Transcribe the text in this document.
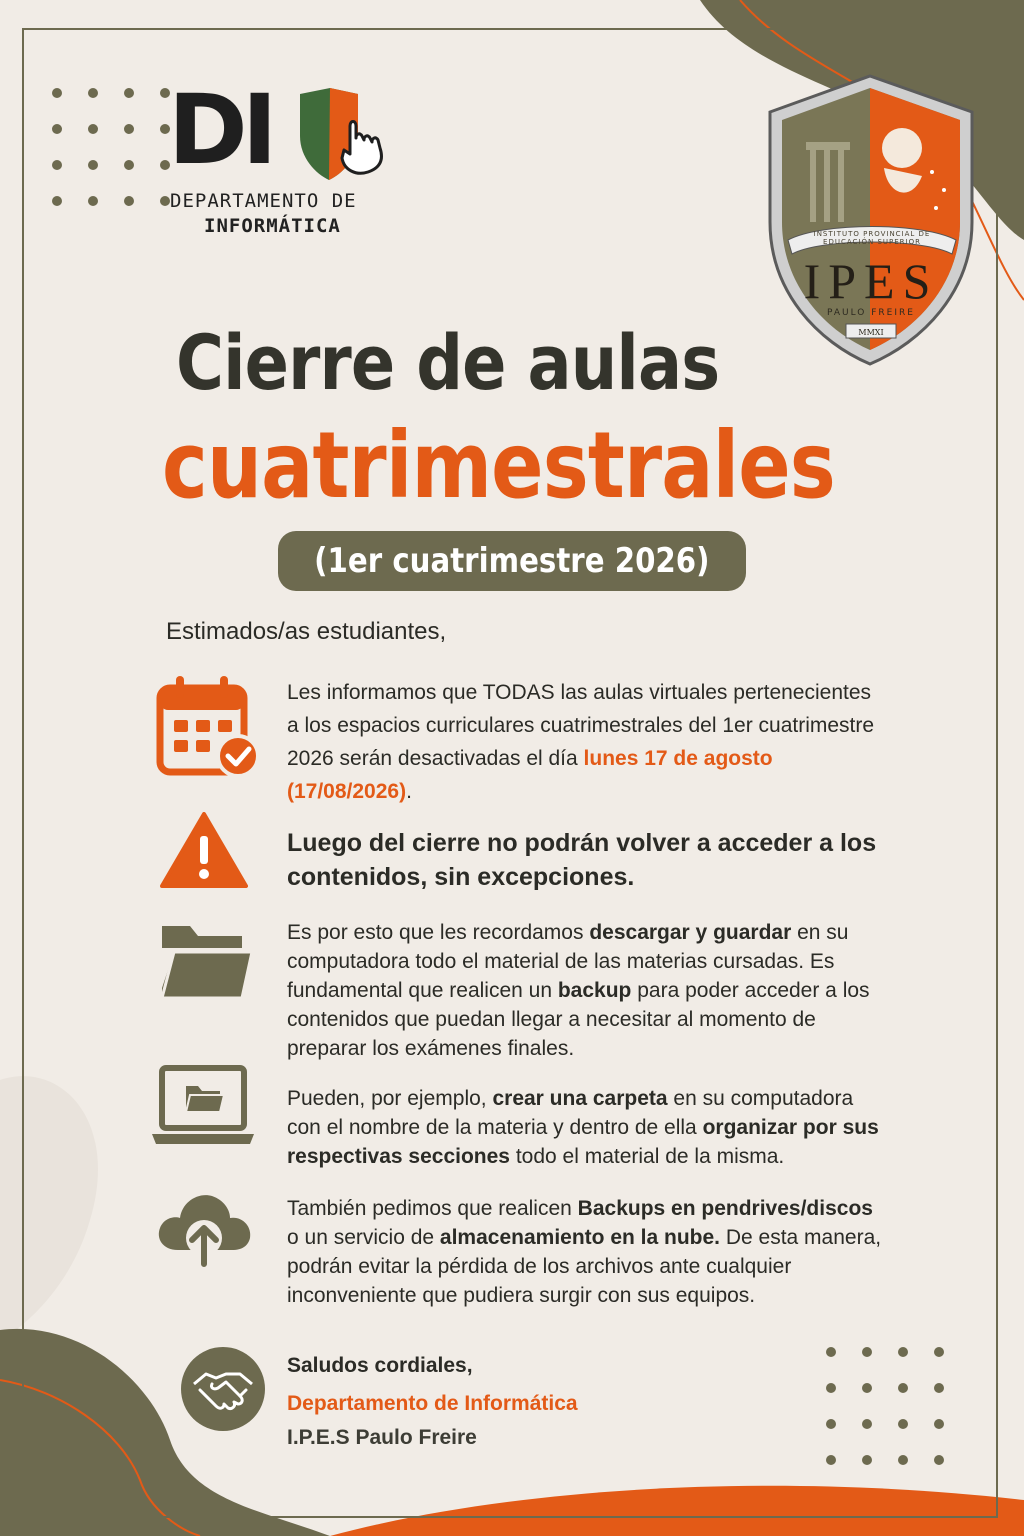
DI
DEPARTAMENTO DE
INFORMÁTICA	INSTITUTO PROVINCIAL DE EDUCACIÓN SUPERIOR
IPES
PAULO FREIRE
MMXI
Cierre de aulas
cuatrimestrales
(1er cuatrimestre 2026)
Estimados/as estudiantes,
Les informamos que TODAS las aulas virtuales pertenecientes a los espacios curriculares cuatrimestrales del 1er cuatrimestre 2026 serán desactivadas el día lunes 17 de agosto (17/08/2026).
Luego del cierre no podrán volver a acceder a los contenidos, sin excepciones.
Es por esto que les recordamos descargar y guardar en su computadora todo el material de las materias cursadas. Es fundamental que realicen un backup para poder acceder a los contenidos que puedan llegar a necesitar al momento de preparar los exámenes finales.
Pueden, por ejemplo, crear una carpeta en su computadora con el nombre de la materia y dentro de ella organizar por sus respectivas secciones todo el material de la misma.
También pedimos que realicen Backups en pendrives/discos o un servicio de almacenamiento en la nube. De esta manera, podrán evitar la pérdida de los archivos ante cualquier inconveniente que pudiera surgir con sus equipos.
Saludos cordiales,
Departamento de Informática
I.P.E.S Paulo Freire
